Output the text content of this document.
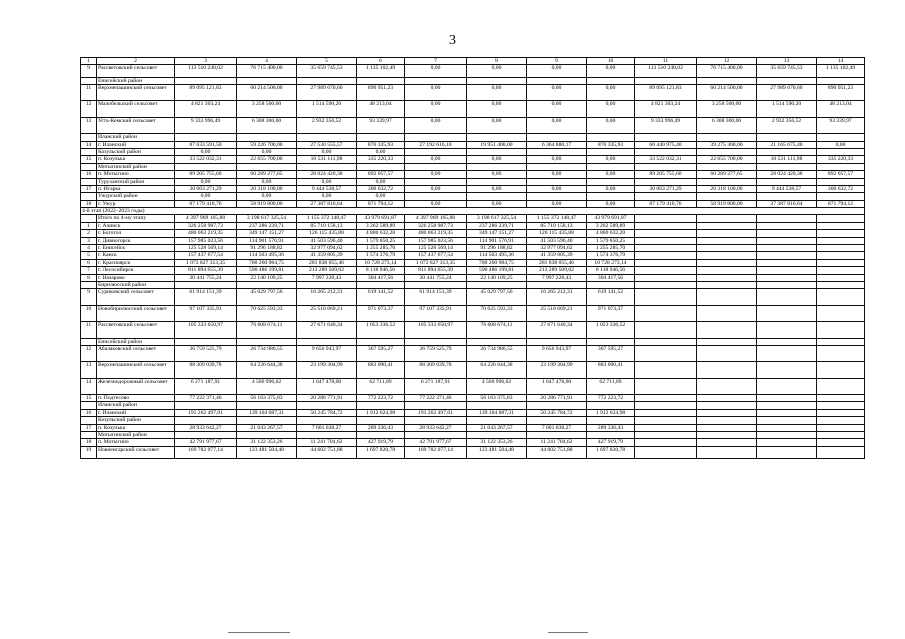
3
1	2	3	4	5	6	7	8	9	10	11	12	13	14
9	Рассветовский сельсовет	113 510 248,02	76 715 400,00	35 659 745,53	1 135 102,49	0,00	0,00	0,00	0,00	113 510 248,02	76 715 400,00	35 659 745,53	1 135 102,49
	Енисейский район												
11	Верхнепашинский сельсовет	89 095 121,83	60 214 500,00	27 989 670,60	890 951,23	0,00	0,00	0,00	0,00	89 095 121,83	60 214 500,00	27 989 670,60	890 951,23
12	Малобельский сельсовет	4 821 303,24	3 258 500,00	1 514 590,20	48 213,04	0,00	0,00	0,00	0,00	4 821 303,24	3 258 500,00	1 514 590,20	48 213,04
13	Усть-Кемский сельсовет	9 333 996,49	6 308 300,00	2 932 356,52	93 339,97	0,00	0,00	0,00	0,00	9 333 996,49	6 308 300,00	2 932 356,52	93 339,97
	Иланский район												
14	г. Иланский	87 633 591,50	59 226 700,00	27 530 555,57	876 335,93	27 192 616,10	19 951 400,00	6 364 880,17	876 335,93	60 440 975,40	39 275 300,00	21 165 675,40	0,00
	Козульский район	0,00	0,00	0,00	0,00								
15	п. Козулька	33 522 032,31	22 655 700,00	10 531 111,98	335 220,33	0,00	0,00	0,00	0,00	33 522 032,31	22 655 700,00	10 531 111,98	335 220,33
	Мотыгинский район												
16	п. Мотыгино	89 205 755,60	60 289 277,65	28 024 420,38	892 057,57	0,00	0,00	0,00	0,00	89 205 755,60	60 289 277,65	28 024 420,38	892 057,57
	Туруханский район	0,00	0,00	0,00	0,00								
17	п. Игарка	30 063 271,29	20 318 100,00	9 444 538,57	300 632,72	0,00	0,00	0,00	0,00	30 063 271,29	20 318 100,00	9 444 538,57	300 632,72
	Ужурский район	0,00	0,00	0,00	0,00								
18	г. Ужур	87 179 410,76	58 919 800,00	27 387 816,64	871 794,12	0,00	0,00	0,00	0,00	87 179 410,76	58 919 800,00	27 387 816,64	871 794,12
4-й этап (2022–2023 годы)													
	Итого по 4-му этапу	4 397 969 165,88	3 198 617 325,54	1 155 372 148,47	43 979 691,87	4 397 969 165,88	3 198 617 325,54	1 155 372 148,47	43 979 691,87				
1	г. Ачинск	326 258 987,73	237 286 239,71	85 710 158,13	3 262 589,89	326 258 987,73	237 286 239,71	85 710 158,13	3 262 589,89				
2	г. Боготол	480 063 219,35	349 147 151,27	126 115 435,88	4 800 632,20	480 063 219,35	349 147 151,27	126 115 435,88	4 800 632,20				
3	г. Дивногорск	157 985 023,56	114 901 576,91	41 503 596,40	1 579 850,25	157 985 023,56	114 901 576,91	41 503 596,40	1 579 850,25				
4	г. Енисейск	125 528 569,14	91 296 188,82	32 977 094,62	1 255 285,70	125 528 569,14	91 296 188,82	32 977 094,62	1 255 285,70				
5	г. Канск	157 437 677,54	114 503 495,36	41 359 805,39	1 574 376,79	157 437 677,54	114 503 495,36	41 359 805,39	1 574 376,79				
6	г. Красноярск	1 072 827 313,35	780 260 984,75	281 838 055,46	10 728 273,14	1 072 827 313,35	780 260 984,75	281 838 055,46	10 728 273,14				
7	г. Лесосибирск	811 894 655,39	590 486 199,81	213 289 509,02	8 118 946,56	811 894 655,39	590 486 199,81	213 289 509,02	8 118 946,56				
8	г. Назарово	30 441 755,24	22 140 109,25	7 997 228,43	304 417,56	30 441 755,24	22 140 109,25	7 997 228,43	304 417,56				
	Бирилюсский район												
9	Суриковский сельсовет	61 914 151,39	45 029 797,56	16 265 212,31	619 141,52	61 914 151,39	45 029 797,56	16 265 212,31	619 141,52				
10	Новобирилюсский сельсовет	97 107 335,91	70 625 593,33	25 510 669,21	971 073,37	97 107 335,91	70 625 593,33	25 510 669,21	971 073,37				
11	Рассветовский сельсовет	105 333 650,97	76 608 674,11	27 671 640,34	1 053 336,52	105 333 650,97	76 608 674,11	27 671 640,34	1 053 336,52				
	Енисейский район												
12	Абалаковский сельсовет	36 759 525,79	26 734 986,55	9 656 943,97	367 595,27	36 759 525,79	26 734 986,55	9 656 943,97	367 595,27				
13	Верхнепашинский сельсовет	88 309 039,78	64 226 644,38	23 199 304,99	883 090,41	88 309 039,78	64 226 644,38	23 199 304,99	883 090,41				
14	Железнодорожный сельсовет	6 271 187,91	4 560 996,02	1 647 478,00	62 711,89	6 271 187,91	4 560 996,02	1 647 478,00	62 711,89				
15	п. Подтесово	77 222 371,46	56 163 375,83	20 286 771,91	772 223,72	77 222 371,46	56 163 375,83	20 286 771,91	772 223,72				
	Иланский район												
16	г. Иланский	191 262 497,01	139 104 087,31	50 245 784,72	1 912 624,98	191 262 497,01	139 104 087,31	50 245 784,72	1 912 624,98				
	Козульский район												
17	п. Козулька	28 933 642,27	21 043 267,57	7 601 038,27	289 336,43	28 933 642,27	21 043 267,57	7 601 038,27	289 336,43				
	Мотыгинский район												
18	п. Мотыгино	42 791 977,67	31 122 353,26	11 241 704,62	427 919,79	42 791 977,67	31 122 353,26	11 241 704,62	427 919,79				
19	Новоенгарский сельсовет	169 782 077,14	123 481 504,48	44 602 751,88	1 697 820,78	169 782 077,14	123 481 504,48	44 602 751,88	1 697 820,78				
